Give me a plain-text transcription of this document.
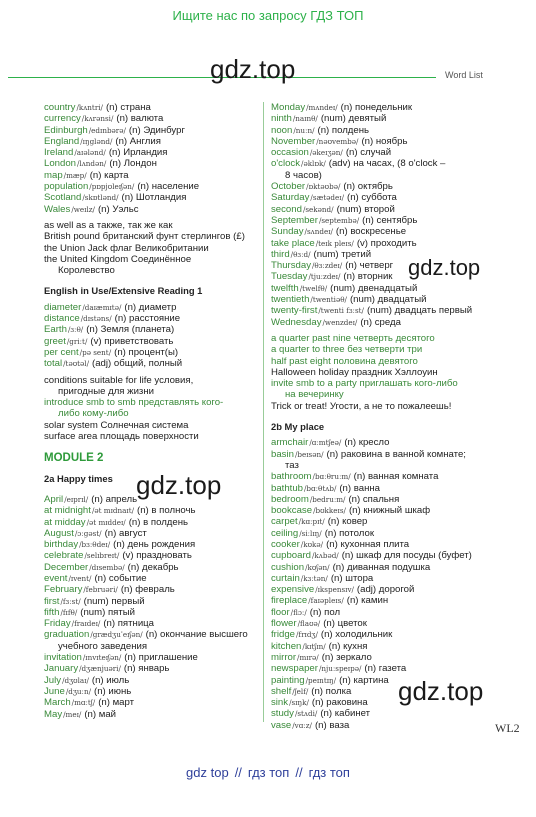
Ищите нас по запросу ГДЗ ТОП
Word List
country/kʌntri/ (n) страна
currency/kʌrənsi/ (n) валюта
Edinburgh/edɪnbərə/ (n) Эдинбург
England/ɪŋglənd/ (n) Англия
Ireland/aɪələnd/ (n) Ирландия
London/lʌndən/ (n) Лондон
map/mæp/ (n) карта
population/pɒpjʊleɪʃən/ (n) население
Scotland/skɒtlənd/ (n) Шотландия
Wales/weɪlz/ (n) Уэльс
as well as а также, так же как
British pound британский фунт стерлингов (£)
the Union Jack флаг Великобритании
the United Kingdom Соединённое
Королевство
English in Use/Extensive Reading 1
diameter/daɪæmɪtə/ (n) диаметр
distance/dɪstəns/ (n) расстояние
Earth/ɜːθ/ (n) Земля (планета)
greet/griːt/ (v) приветствовать
per cent/pə sent/ (n) процент(ы)
total/təʊtəl/ (adj) общий, полный
conditions suitable for life условия,
пригодные для жизни
introduce smb to smb представлять кого-
либо кому-либо
solar system Солнечная система
surface area площадь поверхности
MODULE 2
2a Happy times
April/eɪprɪl/ (n) апрель
at midnight/ət mɪdnaɪt/ (n) в полночь
at midday/ət mɪddeɪ/ (n) в полдень
August/ɔːgəst/ (n) август
birthday/bɜːθdeɪ/ (n) день рождения
celebrate/selɪbreɪt/ (v) праздновать
December/dɪsembə/ (n) декабрь
event/ɪvent/ (n) событие
February/februəri/ (n) февраль
first/fɜːst/ (num) первый
fifth/fɪfθ/ (num) пятый
Friday/fraɪdeɪ/ (n) пятница
graduation/grædʒuˈeɪʃən/ (n) окончание высшего
учебного заведения
invitation/ɪnvɪteɪʃən/ (n) приглашение
January/dʒænjuəri/ (n) январь
July/dʒʊlaɪ/ (n) июль
June/dʒuːn/ (n) июнь
March/mɑːtʃ/ (n) март
May/meɪ/ (n) май
Monday/mʌndeɪ/ (n) понедельник
ninth/naɪnθ/ (num) девятый
noon/nuːn/ (n) полдень
November/nəʊvembə/ (n) ноябрь
occasion/əkeɪʒən/ (n) случай
o'clock/əklɒk/ (adv) на часах, (8 o'clock –
8 часов)
October/ɒktəʊbə/ (n) октябрь
Saturday/sætədeɪ/ (n) суббота
second/sekənd/ (num) второй
September/septembə/ (n) сентябрь
Sunday/sʌndeɪ/ (n) воскресенье
take place/teɪk pleɪs/ (v) проходить
third/θɜːd/ (num) третий
Thursday/θɜːzdeɪ/ (n) четверг
Tuesday/tjuːzdeɪ/ (n) вторник
twelfth/twelfθ/ (num) двенадцатый
twentieth/twentiəθ/ (num) двадцатый
twenty-first/twenti fɜːst/ (num) двадцать первый
Wednesday/wenzdeɪ/ (n) среда
a quarter past nine четверть десятого
a quarter to three без четверти три
half past eight половина девятого
Halloween holiday праздник Хэллоуин
invite smb to a party приглашать кого-либо
на вечеринку
Trick or treat! Угости, а не то пожалеешь!
2b My place
armchair/ɑːmtʃeə/ (n) кресло
basin/beɪsən/ (n) раковина в ванной комнате;
таз
bathroom/bɑːθruːm/ (n) ванная комната
bathtub/bɑːθtʌb/ (n) ванна
bedroom/bedruːm/ (n) спальня
bookcase/bʊkkeɪs/ (n) книжный шкаф
carpet/kɑːpɪt/ (n) ковер
ceiling/siːlɪŋ/ (n) потолок
cooker/kʊkə/ (n) кухонная плита
cupboard/kʌbəd/ (n) шкаф для посуды (буфет)
cushion/kʊʃən/ (n) диванная подушка
curtain/kɜːtən/ (n) штора
expensive/ɪkspensɪv/ (adj) дорогой
fireplace/faɪəpleɪs/ (n) камин
floor/flɔː/ (n) пол
flower/flaʊə/ (n) цветок
fridge/frɪdʒ/ (n) холодильник
kitchen/kɪtʃɪn/ (n) кухня
mirror/mɪrə/ (n) зеркало
newspaper/njuːspeɪpə/ (n) газета
painting/peɪntɪŋ/ (n) картина
shelf/ʃelf/ (n) полка
sink/sɪŋk/ (n) раковина
study/stʌdi/ (n) кабинет
vase/vɑːz/ (n) ваза
gdz.top
gdz.top
gdz.top
gdz.top
WL2
gdz top // гдз топ // гдз топ
